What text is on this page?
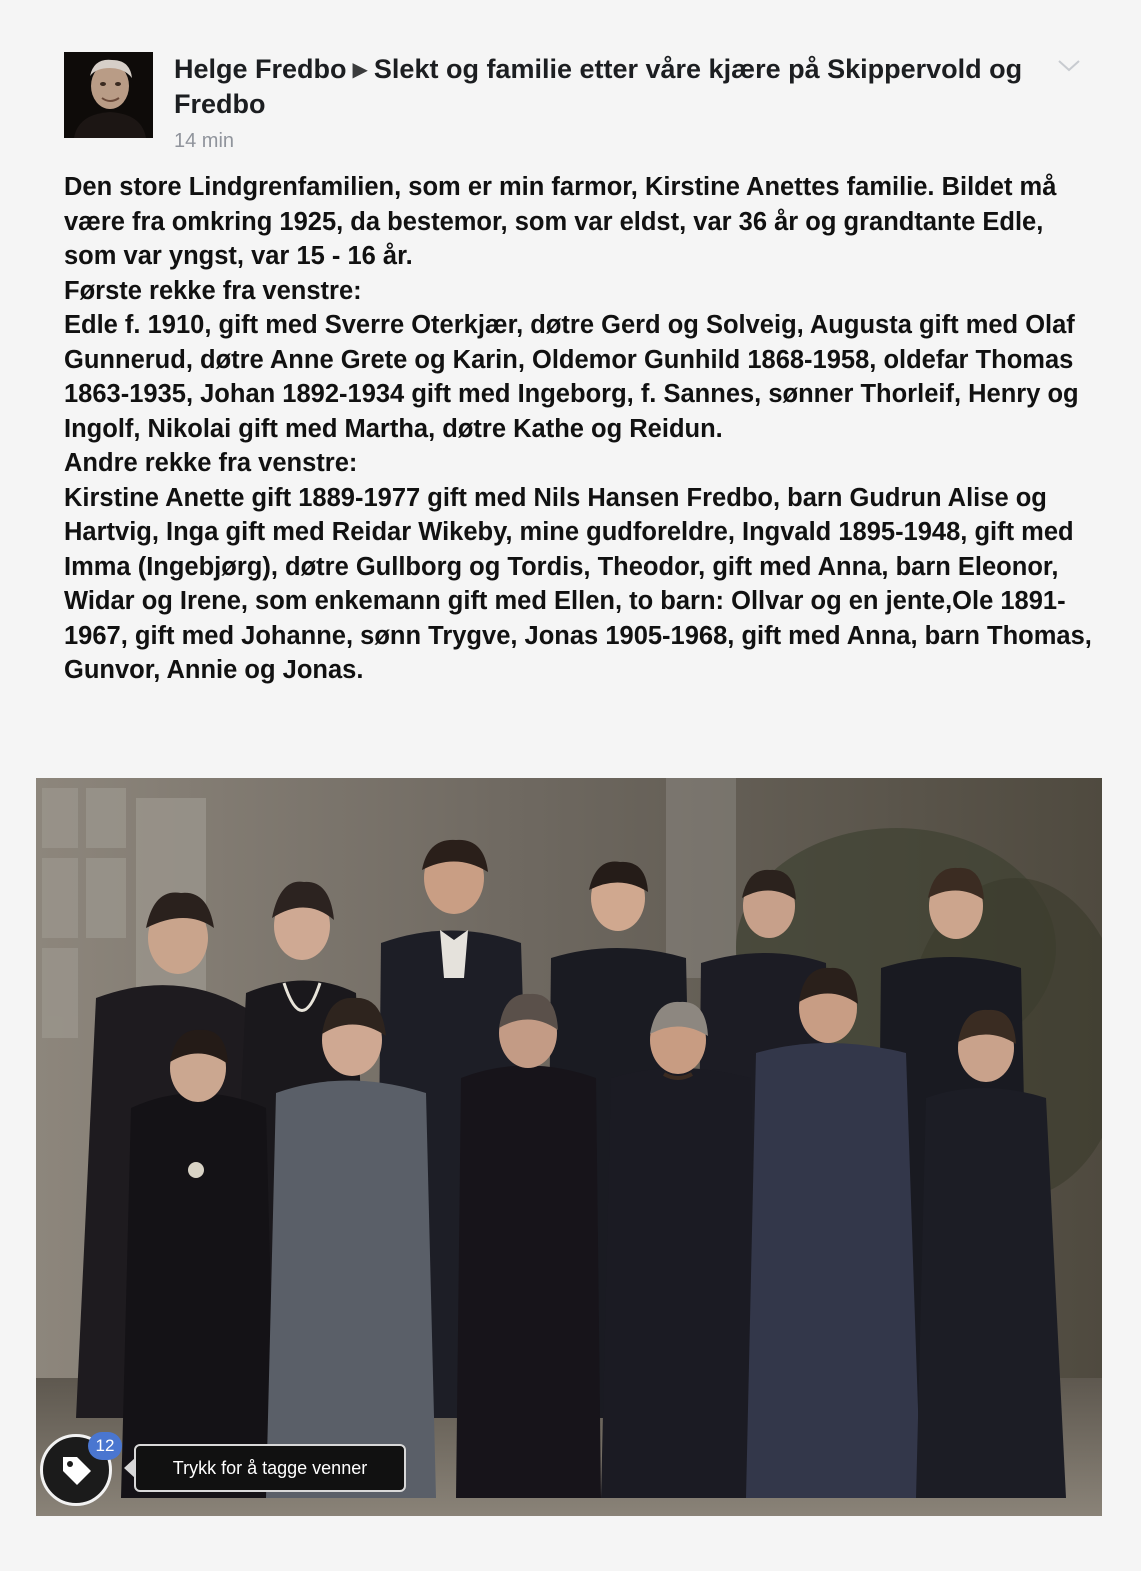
Helge Fredbo ▶ Slekt og familie etter våre kjære på Skippervold og Fredbo
14 min

Den store Lindgrenfamilien, som er min farmor, Kirstine Anettes familie. Bildet må være fra omkring 1925, da bestemor, som var eldst, var 36 år og grandtante Edle, som var yngst, var 15 - 16 år.

Første rekke fra venstre:

Edle f. 1910, gift med Sverre Oterkjær, døtre Gerd og Solveig, Augusta gift med Olaf Gunnerud, døtre Anne Grete og Karin, Oldemor Gunhild 1868-1958, oldefar Thomas 1863-1935, Johan 1892-1934 gift med Ingeborg, f. Sannes, sønner Thorleif, Henry og Ingolf, Nikolai gift med Martha, døtre Kathe og Reidun.

Andre rekke fra venstre:

Kirstine Anette gift 1889-1977 gift med Nils Hansen Fredbo, barn Gudrun Alise og Hartvig, Inga gift med Reidar Wikeby, mine gudforeldre, Ingvald 1895-1948, gift med Imma (Ingebjørg), døtre Gullborg og Tordis, Theodor, gift med Anna, barn Eleonor, Widar og Irene, som enkemann gift med Ellen, to barn: Ollvar og en jente,Ole 1891-1967, gift med Johanne, sønn Trygve, Jonas 1905-1968, gift med Anna, barn Thomas, Gunvor, Annie og Jonas.

12
Trykk for å tagge venner
